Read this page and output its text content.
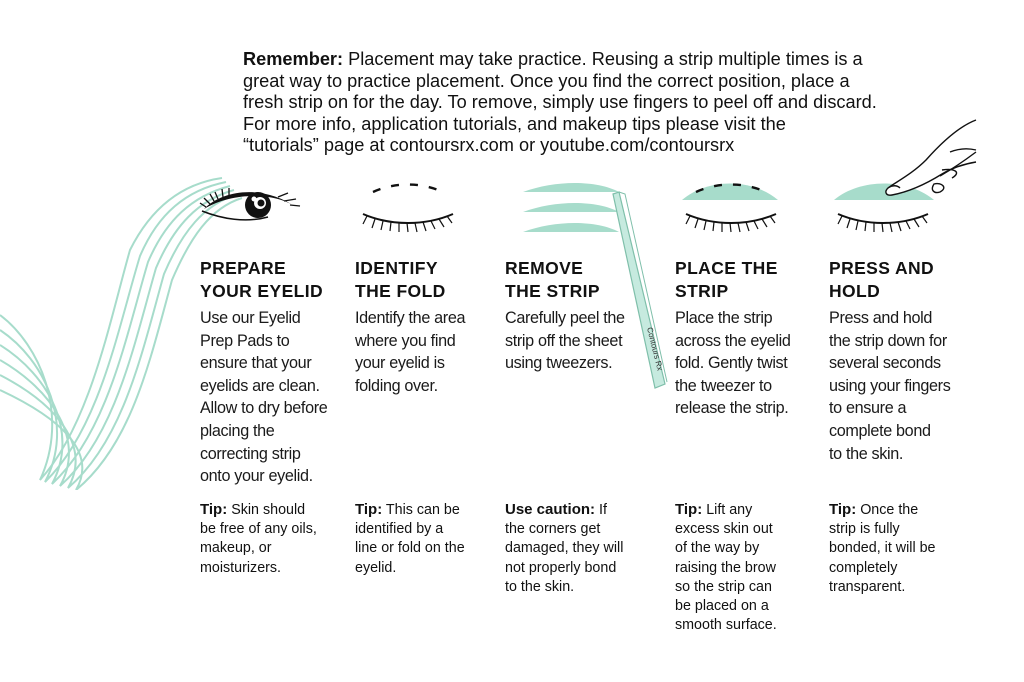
Remember: Placement may take practice. Reusing a strip multiple times is a
great way to practice placement. Once you find the correct position, place a
fresh strip on for the day. To remove, simply use fingers to peel off and discard.
For more info, application tutorials, and makeup tips please visit the
“tutorials” page at contoursrx.com or youtube.com/contoursrx

Contours Rx
PREPARE
YOUR EYELID

Use our Eyelid
Prep Pads to
ensure that your
eyelids are clean.
Allow to dry before
placing the
correcting strip
onto your eyelid.

IDENTIFY
THE FOLD

Identify the area
where you find
your eyelid is
folding over.

REMOVE
THE STRIP

Carefully peel the
strip off the sheet
using tweezers.

PLACE THE
STRIP

Place the strip
across the eyelid
fold. Gently twist
the tweezer to
release the strip.

PRESS AND
HOLD

Press and hold
the strip down for
several seconds
using your fingers
to ensure a
complete bond
to the skin.

Tip: Skin should
be free of any oils,
makeup, or
moisturizers.

Tip: This can be
identified by a
line or fold on the
eyelid.

Use caution: If
the corners get
damaged, they will
not properly bond
to the skin.

Tip: Lift any
excess skin out
of the way by
raising the brow
so the strip can
be placed on a
smooth surface.

Tip: Once the
strip is fully
bonded, it will be
completely
transparent.
